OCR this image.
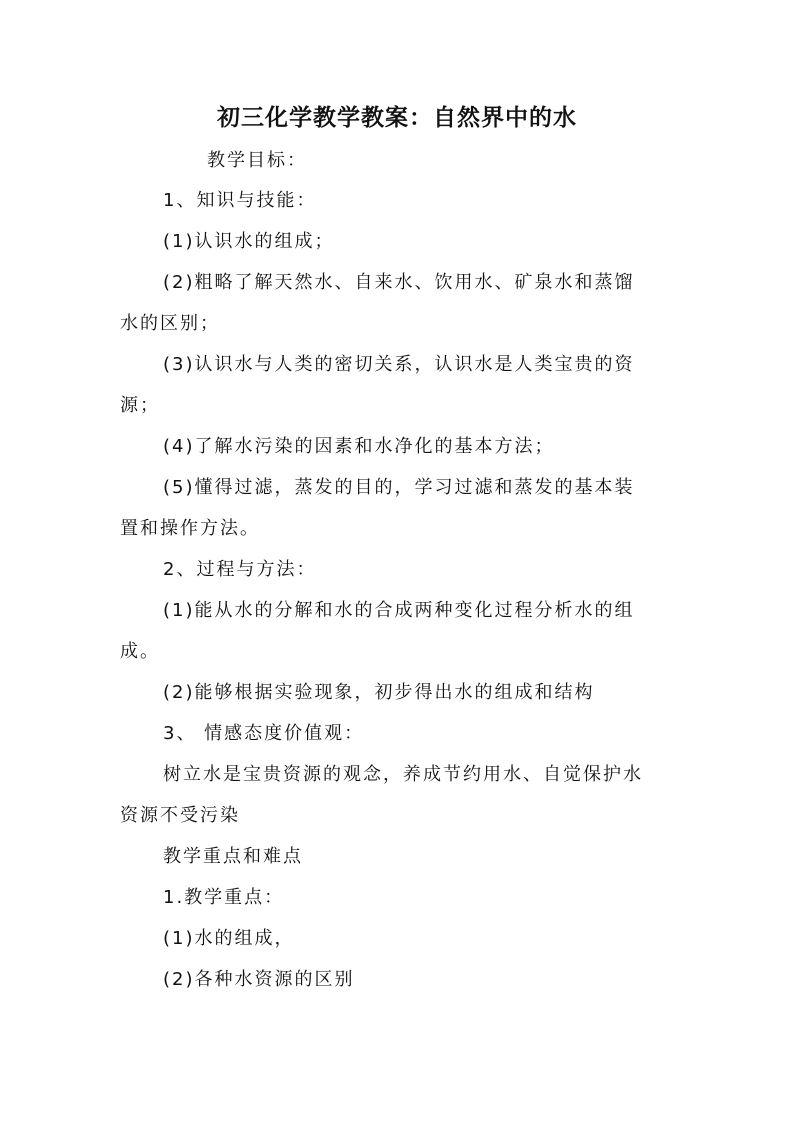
初三化学教学教案：自然界中的水
教学目标：
1、知识与技能：
(1)认识水的组成；
(2)粗略了解天然水、自来水、饮用水、矿泉水和蒸馏
水的区别；
(3)认识水与人类的密切关系，认识水是人类宝贵的资
源；
(4)了解水污染的因素和水净化的基本方法；
(5)懂得过滤，蒸发的目的，学习过滤和蒸发的基本装
置和操作方法。
2、过程与方法：
(1)能从水的分解和水的合成两种变化过程分析水的组
成。
(2)能够根据实验现象，初步得出水的组成和结构
3、 情感态度价值观：
树立水是宝贵资源的观念，养成节约用水、自觉保护水
资源不受污染
教学重点和难点
1.教学重点：
(1)水的组成，
(2)各种水资源的区别
